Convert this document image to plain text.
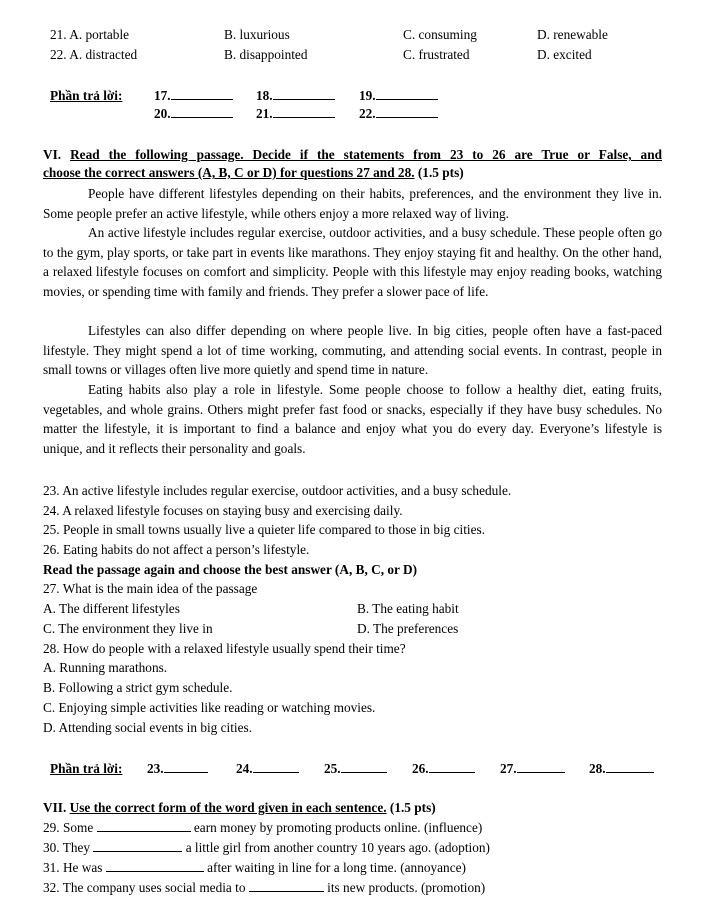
21. A. portable	B. luxurious	C. consuming	D. renewable
22. A. distracted	B. disappointed	C. frustrated	D. excited
Phần trả lời: 17.	18.	19.
20.	21.	22.
VI. Read the following passage. Decide if the statements from 23 to 26 are True or False, and
choose the correct answers (A, B, C or D) for questions 27 and 28. (1.5 pts)
People have different lifestyles depending on their habits, preferences, and the environment they live in. Some people prefer an active lifestyle, while others enjoy a more relaxed way of living.
An active lifestyle includes regular exercise, outdoor activities, and a busy schedule. These people often go to the gym, play sports, or take part in events like marathons. They enjoy staying fit and healthy. On the other hand, a relaxed lifestyle focuses on comfort and simplicity. People with this lifestyle may enjoy reading books, watching movies, or spending time with family and friends. They prefer a slower pace of life.
Lifestyles can also differ depending on where people live. In big cities, people often have a fast-paced lifestyle. They might spend a lot of time working, commuting, and attending social events. In contrast, people in small towns or villages often live more quietly and spend time in nature.
Eating habits also play a role in lifestyle. Some people choose to follow a healthy diet, eating fruits, vegetables, and whole grains. Others might prefer fast food or snacks, especially if they have busy schedules. No matter the lifestyle, it is important to find a balance and enjoy what you do every day. Everyone’s lifestyle is unique, and it reflects their personality and goals.
23. An active lifestyle includes regular exercise, outdoor activities, and a busy schedule.
24. A relaxed lifestyle focuses on staying busy and exercising daily.
25. People in small towns usually live a quieter life compared to those in big cities.
26. Eating habits do not affect a person’s lifestyle.
Read the passage again and choose the best answer (A, B, C, or D)
27. What is the main idea of the passage
A. The different lifestyles	B. The eating habit
C. The environment they live in	D. The preferences
28. How do people with a relaxed lifestyle usually spend their time?
A. Running marathons.
B. Following a strict gym schedule.
C. Enjoying simple activities like reading or watching movies.
D. Attending social events in big cities.
Phần trả lời: 23.	24.	25.	26.	27.	28.
VII. Use the correct form of the word given in each sentence. (1.5 pts)
29. Some	earn money by promoting products online. (influence)
30. They	a little girl from another country 10 years ago. (adoption)
31. He was	after waiting in line for a long time. (annoyance)
32. The company uses social media to	its new products. (promotion)
